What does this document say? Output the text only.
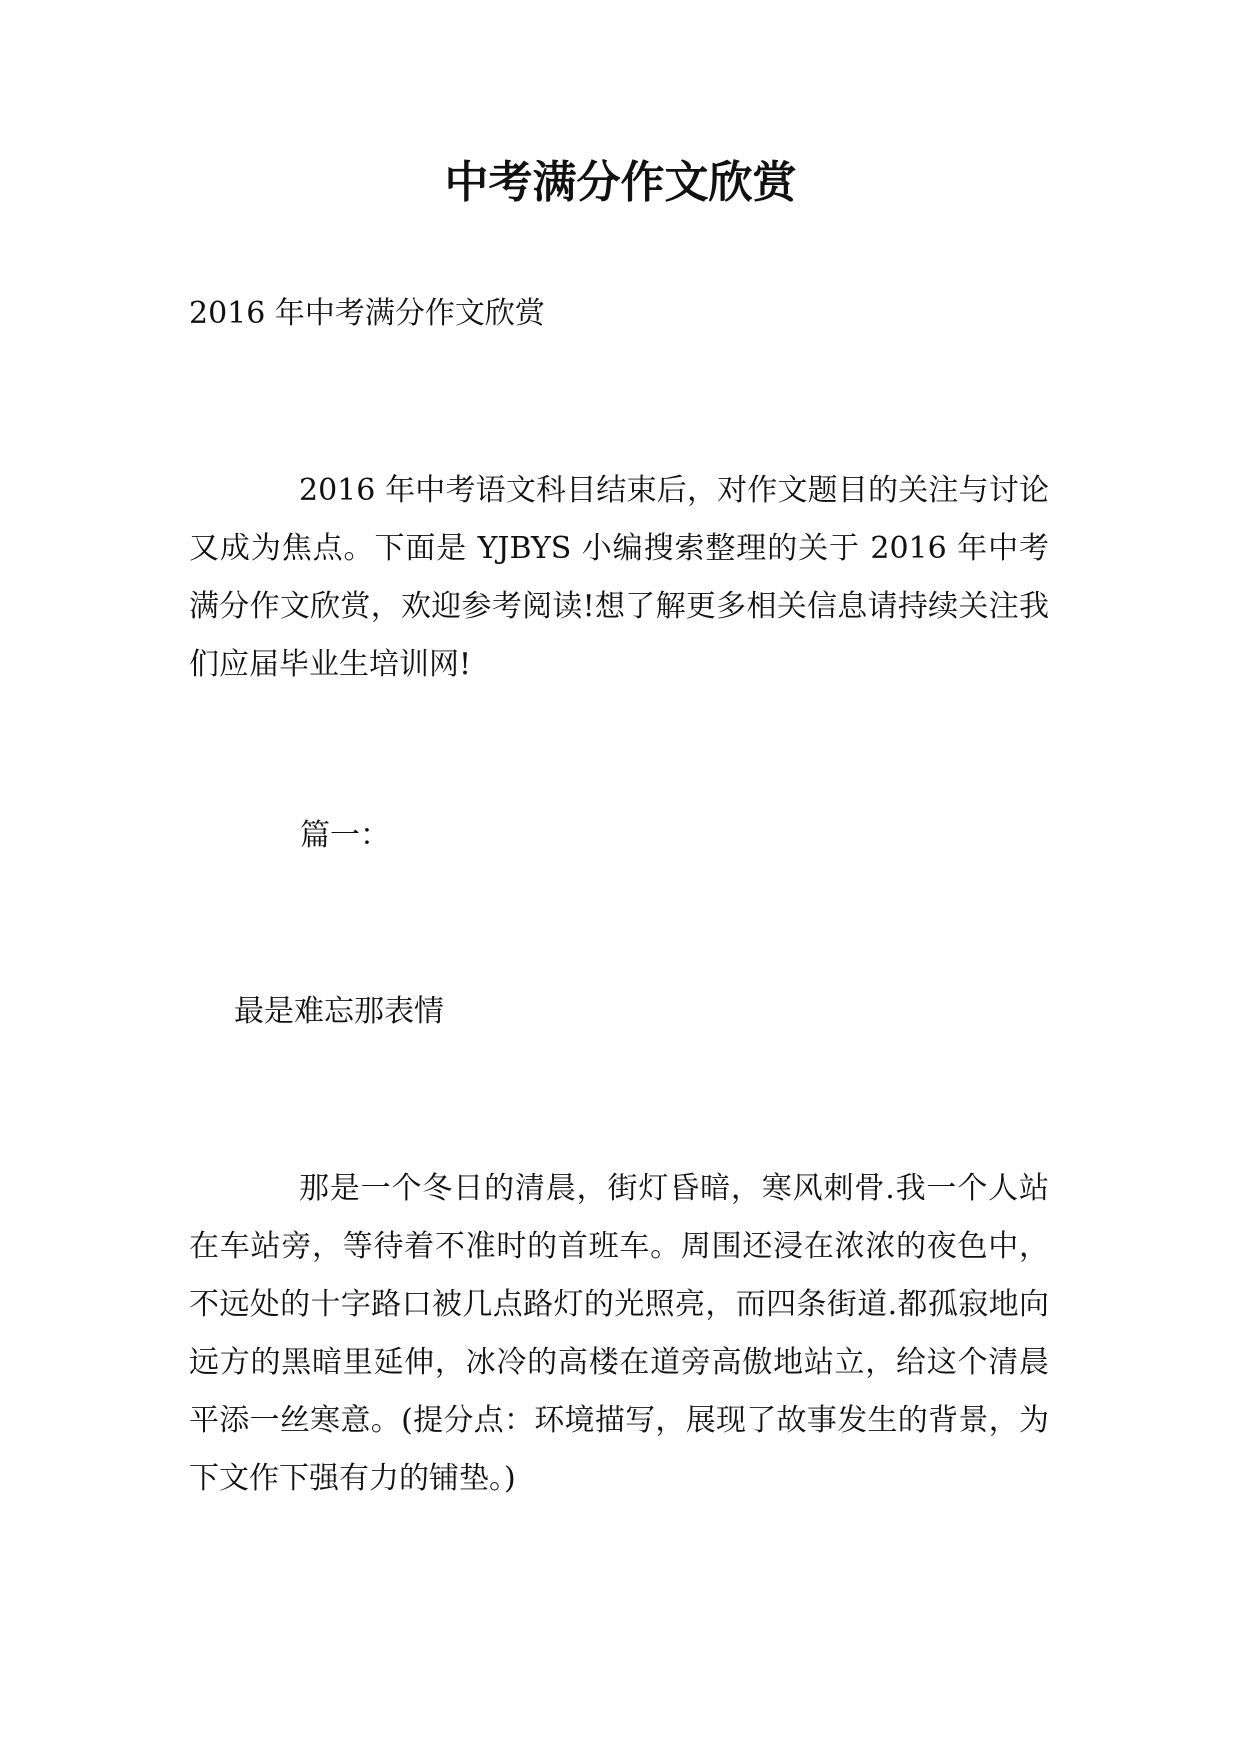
中考满分作文欣赏

2016 年中考满分作文欣赏

2016 年中考语文科目结束后，对作文题目的关注与讨论又成为焦点。下面是 YJBYS 小编搜索整理的关于 2016 年中考满分作文欣赏，欢迎参考阅读!想了解更多相关信息请持续关注我们应届毕业生培训网!

篇一：

最是难忘那表情

那是一个冬日的清晨，街灯昏暗，寒风刺骨.我一个人站在车站旁，等待着不准时的首班车。周围还浸在浓浓的夜色中，不远处的十字路口被几点路灯的光照亮，而四条街道.都孤寂地向远方的黑暗里延伸，冰冷的高楼在道旁高傲地站立，给这个清晨平添一丝寒意。(提分点：环境描写，展现了故事发生的背景，为下文作下强有力的铺垫。)
